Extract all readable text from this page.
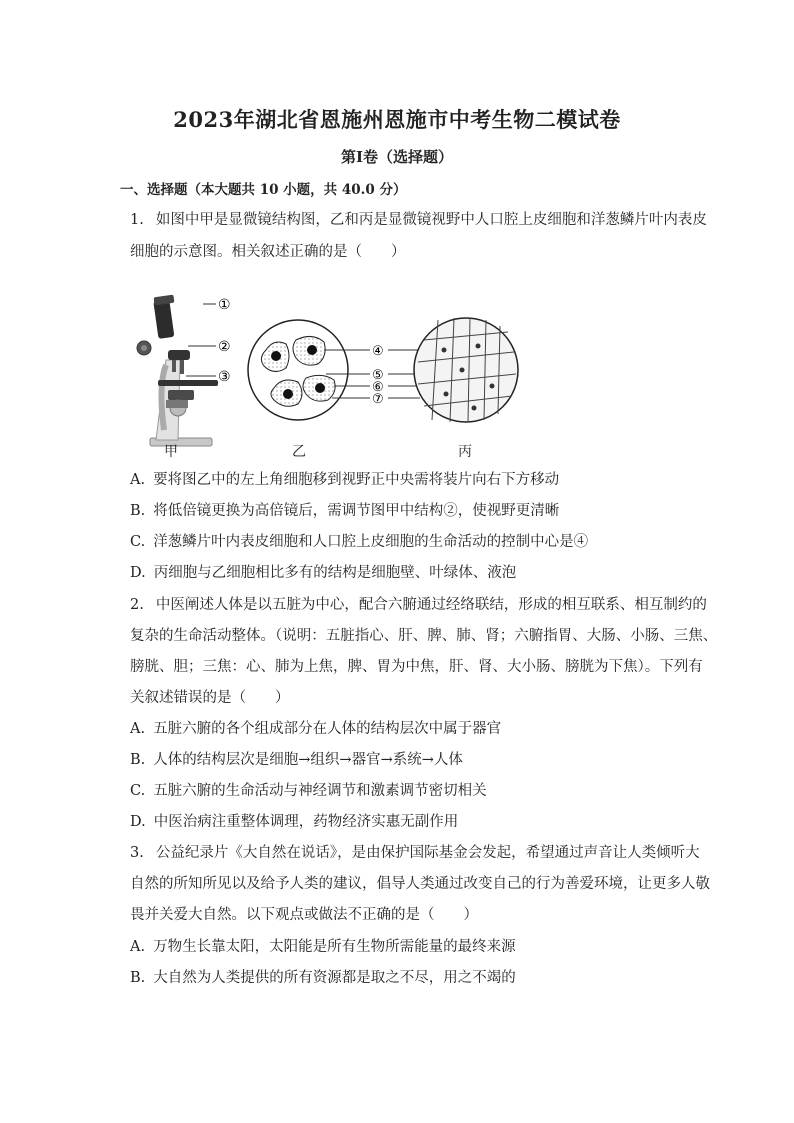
2023年湖北省恩施州恩施市中考生物二模试卷
第Ⅰ卷（选择题）
一、选择题（本大题共 10 小题，共 40.0 分）
1. 如图中甲是显微镜结构图，乙和丙是显微镜视野中人口腔上皮细胞和洋葱鳞片叶内表皮
细胞的示意图。相关叙述正确的是（　　）
①
②
③
④
⑤
⑥
⑦
甲	乙	丙
A. 要将图乙中的左上角细胞移到视野正中央需将装片向右下方移动
B. 将低倍镜更换为高倍镜后，需调节图甲中结构②，使视野更清晰
C. 洋葱鳞片叶内表皮细胞和人口腔上皮细胞的生命活动的控制中心是④
D. 丙细胞与乙细胞相比多有的结构是细胞壁、叶绿体、液泡
2. 中医阐述人体是以五脏为中心，配合六腑通过经络联结，形成的相互联系、相互制约的
复杂的生命活动整体。（说明：五脏指心、肝、脾、肺、肾；六腑指胃、大肠、小肠、三焦、
膀胱、胆；三焦：心、肺为上焦，脾、胃为中焦，肝、肾、大小肠、膀胱为下焦）。下列有
关叙述错误的是（　　）
A. 五脏六腑的各个组成部分在人体的结构层次中属于器官
B. 人体的结构层次是细胞→组织→器官→系统→人体
C. 五脏六腑的生命活动与神经调节和激素调节密切相关
D. 中医治病注重整体调理，药物经济实惠无副作用
3. 公益纪录片《大自然在说话》，是由保护国际基金会发起，希望通过声音让人类倾听大
自然的所知所见以及给予人类的建议，倡导人类通过改变自己的行为善爱环境，让更多人敬
畏并关爱大自然。以下观点或做法不正确的是（　　）
A. 万物生长靠太阳，太阳能是所有生物所需能量的最终来源
B. 大自然为人类提供的所有资源都是取之不尽，用之不竭的
